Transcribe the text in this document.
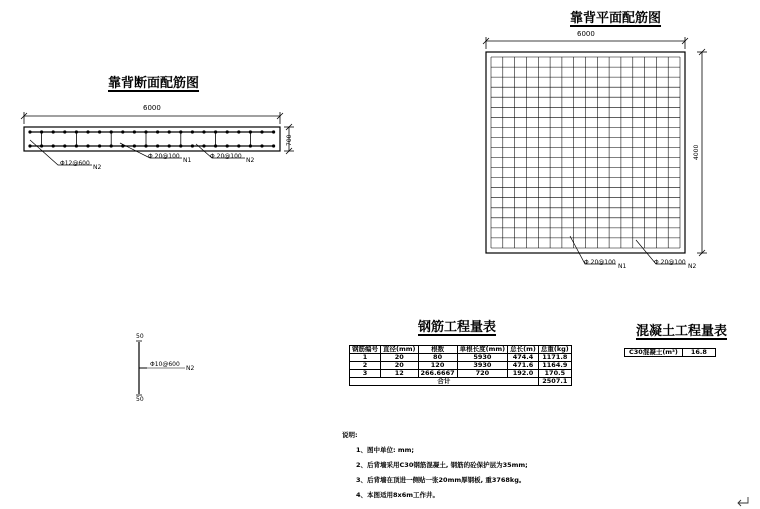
靠背断面配筋图
6000
700
Φ12@600
N2
Φ 20@100
N1
Φ 20@100
N2
靠背平面配筋图
6000
4000
Φ 20@100
N1
Φ 20@100
N2
50
50
Φ10@600
N2
钢筋工程量表
钢筋编号	直径(mm)	根数	单根长度(mm)	总长(m)	总重(kg)
1	20	80	5930	474.4	1171.8
2	20	120	3930	471.6	1164.9
3	12	266.6667	720	192.0	170.5
合计					2507.1
混凝土工程量表
C30混凝土(m³)	16.8
说明:
1、图中单位: mm;
2、后背墙采用C30钢筋混凝土, 钢筋的砼保护层为35mm;
3、后背墙在顶进一侧贴一张20mm厚钢板, 重3768kg。
4、本图适用8x6m工作井。
